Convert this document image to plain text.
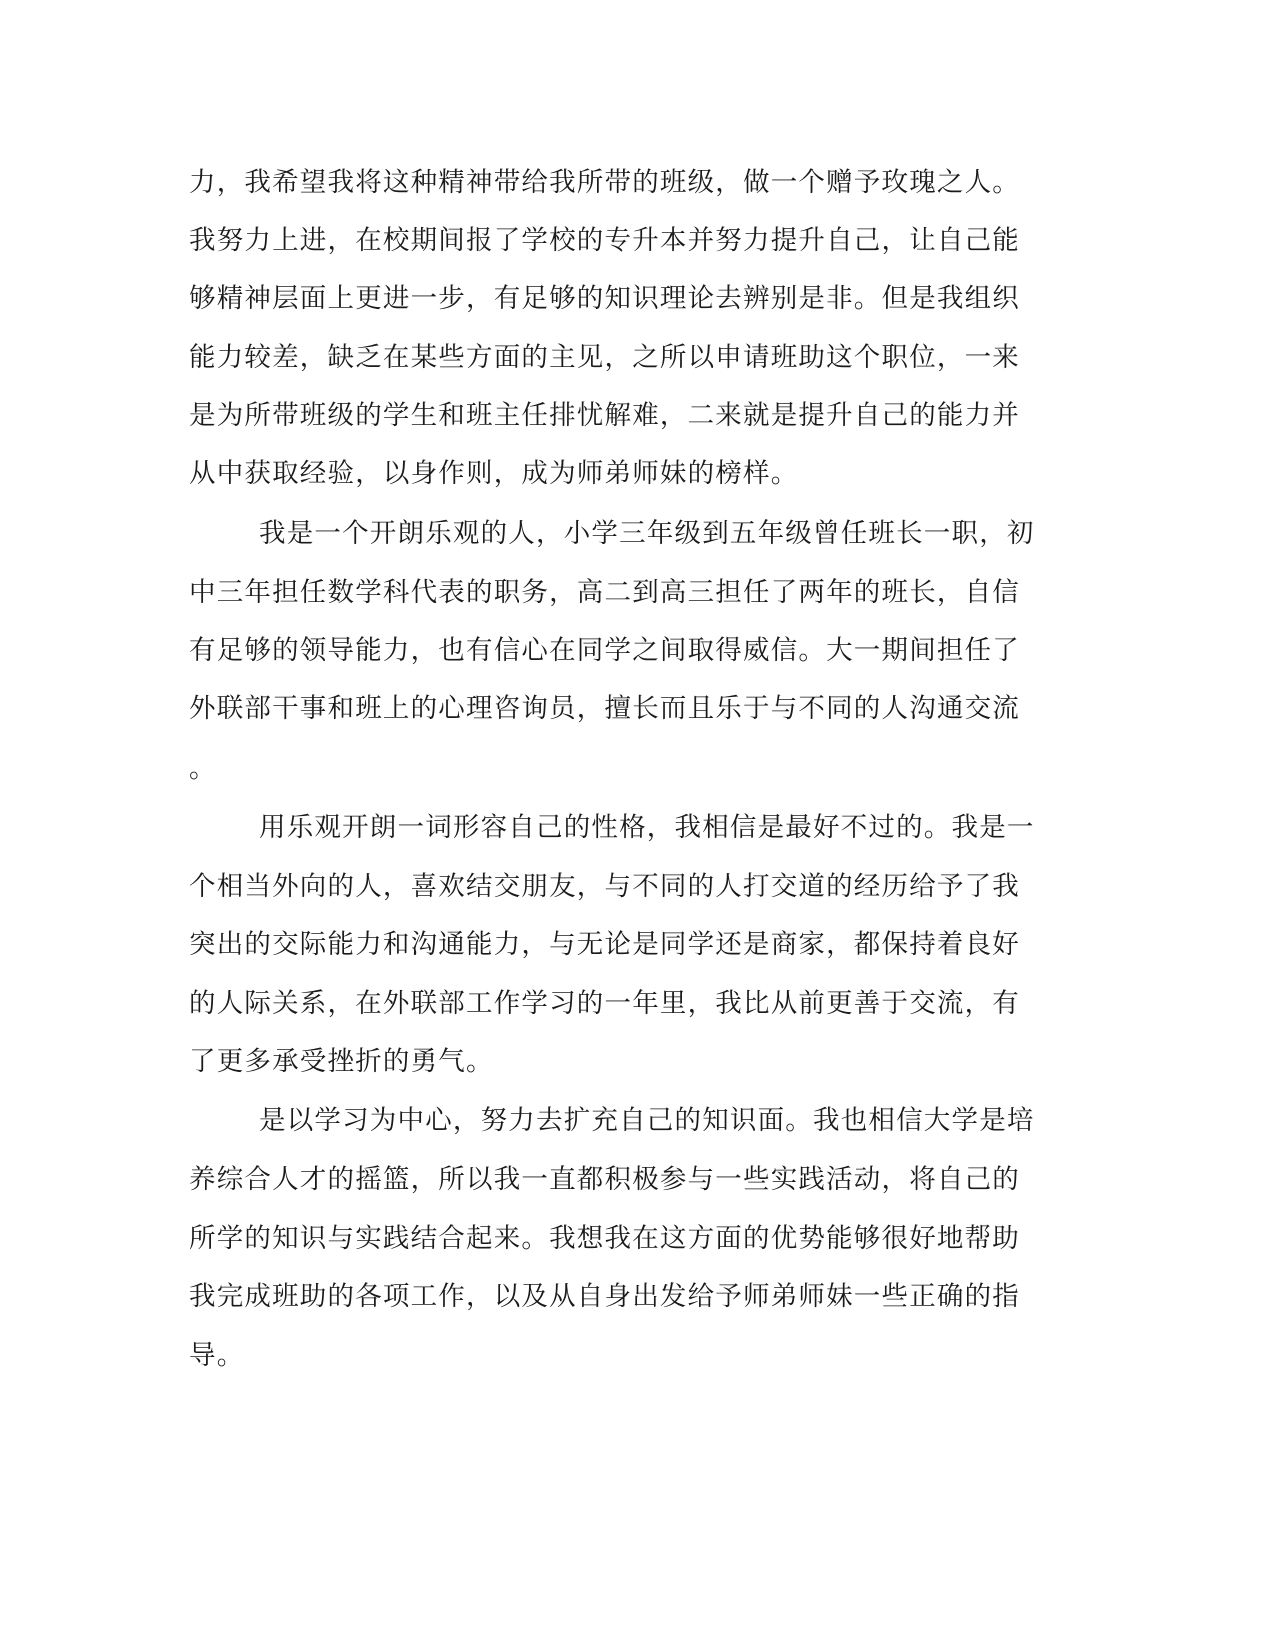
力，我希望我将这种精神带给我所带的班级，做一个赠予玫瑰之人。
我努力上进，在校期间报了学校的专升本并努力提升自己，让自己能
够精神层面上更进一步，有足够的知识理论去辨别是非。但是我组织
能力较差，缺乏在某些方面的主见，之所以申请班助这个职位，一来
是为所带班级的学生和班主任排忧解难，二来就是提升自己的能力并
从中获取经验，以身作则，成为师弟师妹的榜样。
我是一个开朗乐观的人，小学三年级到五年级曾任班长一职，初
中三年担任数学科代表的职务，高二到高三担任了两年的班长，自信
有足够的领导能力，也有信心在同学之间取得威信。大一期间担任了
外联部干事和班上的心理咨询员，擅长而且乐于与不同的人沟通交流
。
用乐观开朗一词形容自己的性格，我相信是最好不过的。我是一
个相当外向的人，喜欢结交朋友，与不同的人打交道的经历给予了我
突出的交际能力和沟通能力，与无论是同学还是商家，都保持着良好
的人际关系，在外联部工作学习的一年里，我比从前更善于交流，有
了更多承受挫折的勇气。
是以学习为中心，努力去扩充自己的知识面。我也相信大学是培
养综合人才的摇篮，所以我一直都积极参与一些实践活动，将自己的
所学的知识与实践结合起来。我想我在这方面的优势能够很好地帮助
我完成班助的各项工作，以及从自身出发给予师弟师妹一些正确的指
导。
